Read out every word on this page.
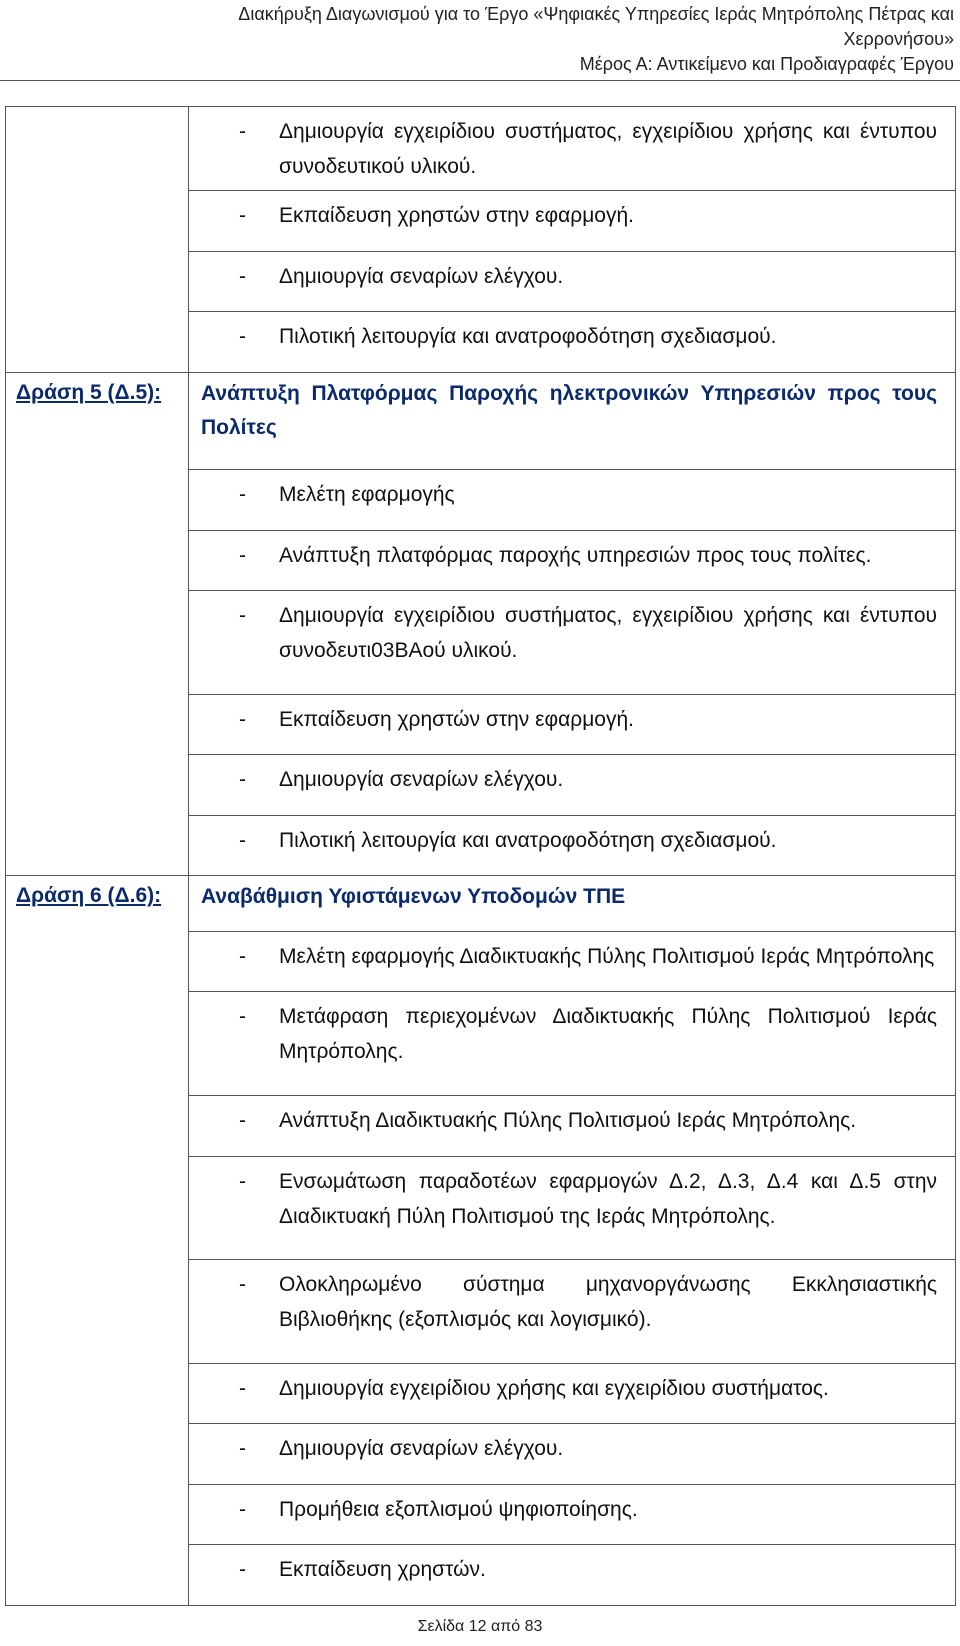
Διακήρυξη Διαγωνισμού για το Έργο «Ψηφιακές Υπηρεσίες Ιεράς Μητρόπολης Πέτρας και
Χερρονήσου»
Μέρος Α: Αντικείμενο και Προδιαγραφές Έργου

	- Δημιουργία εγχειρίδιου συστήματος, εγχειρίδιου χρήσης και έντυπου συνοδευτικού υλικού.

	- Εκπαίδευση χρηστών στην εφαρμογή.

	- Δημιουργία σεναρίων ελέγχου.

	- Πιλοτική λειτουργία και ανατροφοδότηση σχεδιασμού.

Δράση 5 (Δ.5):	Ανάπτυξη Πλατφόρμας Παροχής ηλεκτρονικών Υπηρεσιών προς τους Πολίτες

	- Μελέτη εφαρμογής

	- Ανάπτυξη πλατφόρμας παροχής υπηρεσιών προς τους πολίτες.

	- Δημιουργία εγχειρίδιου συστήματος, εγχειρίδιου χρήσης και έντυπου συνοδευτι03ΒΑού υλικού.

	- Εκπαίδευση χρηστών στην εφαρμογή.

	- Δημιουργία σεναρίων ελέγχου.

	- Πιλοτική λειτουργία και ανατροφοδότηση σχεδιασμού.

Δράση 6 (Δ.6):	Αναβάθμιση Υφιστάμενων Υποδομών ΤΠΕ

	- Μελέτη εφαρμογής Διαδικτυακής Πύλης Πολιτισμού Ιεράς Μητρόπολης

	- Μετάφραση περιεχομένων Διαδικτυακής Πύλης Πολιτισμού Ιεράς Μητρόπολης.

	- Ανάπτυξη Διαδικτυακής Πύλης Πολιτισμού Ιεράς Μητρόπολης.

	- Ενσωμάτωση παραδοτέων εφαρμογών Δ.2, Δ.3, Δ.4 και Δ.5 στην Διαδικτυακή Πύλη Πολιτισμού της Ιεράς Μητρόπολης.

	- Ολοκληρωμένο σύστημα μηχανοργάνωσης Εκκλησιαστικής Βιβλιοθήκης (εξοπλισμός και λογισμικό).

	- Δημιουργία εγχειρίδιου χρήσης και εγχειρίδιου συστήματος.

	- Δημιουργία σεναρίων ελέγχου.

	- Προμήθεια εξοπλισμού ψηφιοποίησης.

	- Εκπαίδευση χρηστών.
Σελίδα 12 από 83
